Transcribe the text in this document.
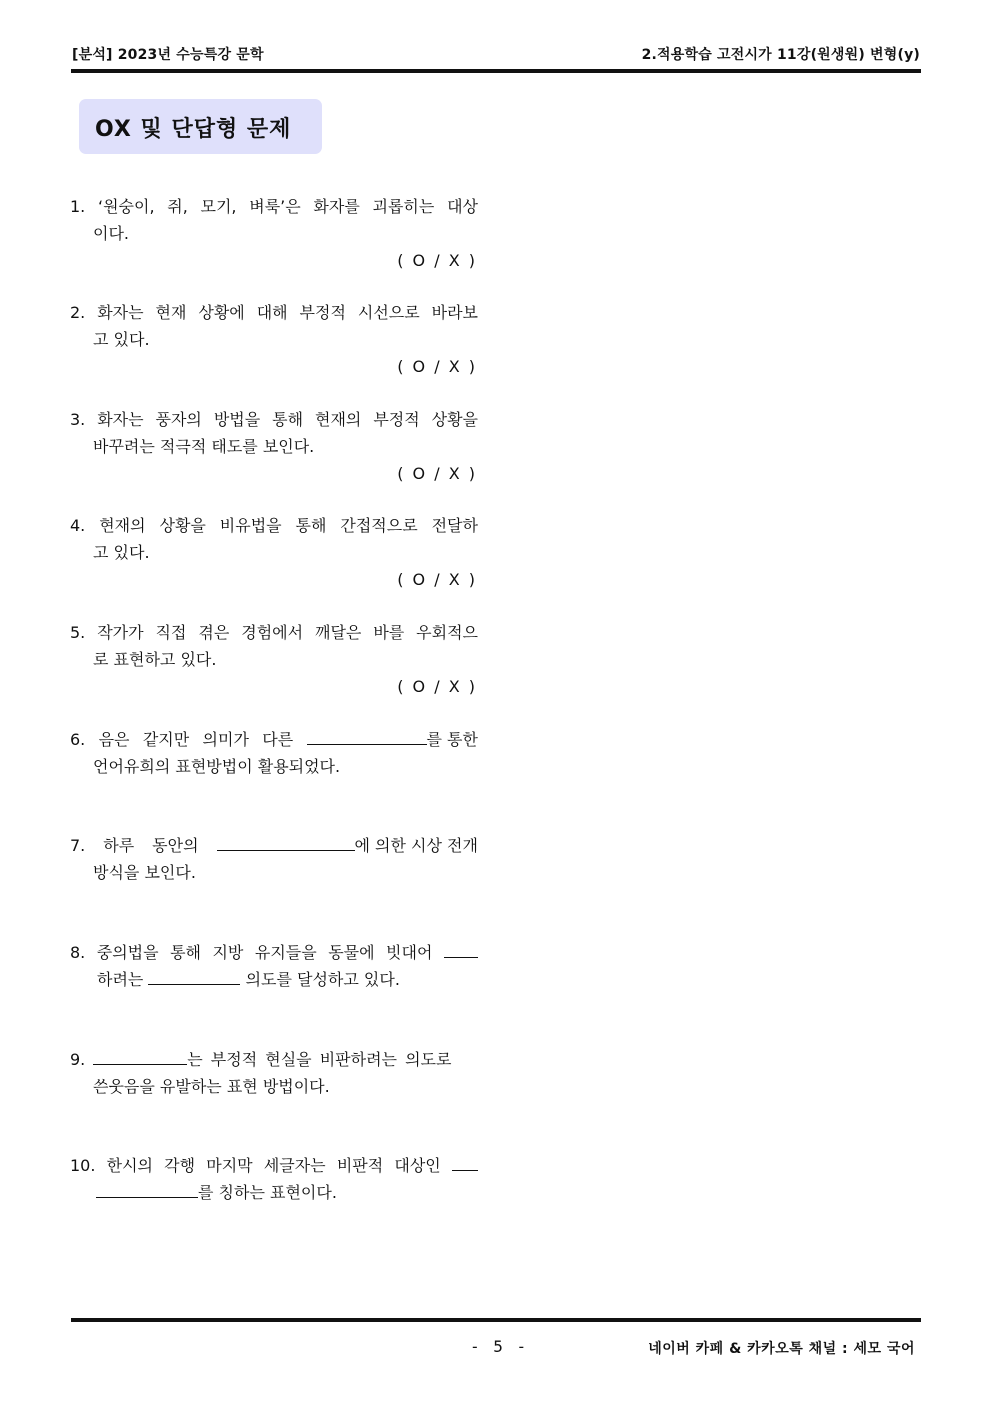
[분석] 2023년 수능특강 문학	2.적용학습 고전시가 11강(원생원) 변형(y)
OX 및 단답형 문제
1. ‘원숭이, 쥐, 모기, 벼룩’은 화자를 괴롭히는 대상
이다.
( O / X )
2. 화자는 현재 상황에 대해 부정적 시선으로 바라보
고 있다.
( O / X )
3. 화자는 풍자의 방법을 통해 현재의 부정적 상황을
바꾸려는 적극적 태도를 보인다.
( O / X )
4. 현재의 상황을 비유법을 통해 간접적으로 전달하
고 있다.
( O / X )
5. 작가가 직접 겪은 경험에서 깨달은 바를 우회적으
로 표현하고 있다.
( O / X )
6. 음은 같지만 의미가 다른	를 통한
언어유희의 표현방법이 활용되었다.
7. 하루 동안의	에 의한 시상 전개
방식을 보인다.
8. 중의법을 통해 지방 유지들을 동물에 빗대어
하려는	의도를 달성하고 있다.
9.	는 부정적 현실을 비판하려는 의도로
쓴웃음을 유발하는 표현 방법이다.
10. 한시의 각행 마지막 세글자는 비판적 대상인
를 칭하는 표현이다.
- 5 -	네이버 카페 & 카카오톡 채널 : 세모 국어
